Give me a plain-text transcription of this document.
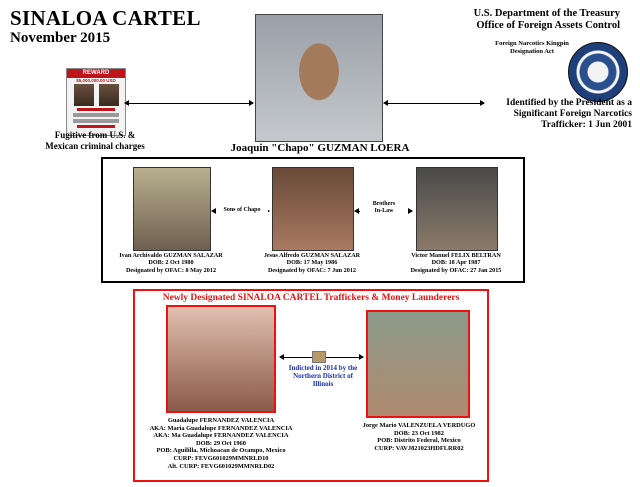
SINALOA CARTEL
November 2015
U.S. Department of the Treasury
Office of Foreign Assets Control
Foreign Narcotics Kingpin
Designation Act
REWARD
$5,000,000.00 USD
Fugitive from U.S. &
Mexican criminal charges	Joaquin "Chapo" GUZMAN LOERA
Identified by the President as a
Significant Foreign Narcotics
Trafficker: 1 Jun 2001
Sons of Chapo
Brothers
In-Law
Ivan Archivaldo GUZMAN SALAZAR
DOB: 2 Oct 1980
Designated by OFAC: 8 May 2012
Jesus Alfredo GUZMAN SALAZAR
DOB: 17 May 1986
Designated by OFAC: 7 Jun 2012
Victor Manuel FELIX BELTRAN
DOB: 18 Apr 1987
Designated by OFAC: 27 Jan 2015
Newly Designated SINALOA CARTEL Traffickers & Money Launderers
Indicted in 2014 by the
Northern District of Illinois
Guadalupe FERNANDEZ VALENCIA
AKA: Maria Guadalupe FERNANDEZ VALENCIA
AKA: Ma Guadalupe FERNANDEZ VALENCIA
DOB: 29 Oct 1960
POB: Aguililla, Michoacan de Ocampo, Mexico
CURP: FEVG601029MMNRLD10
Alt. CURP: FEVG601029MMNRLD02
Jorge Mario VALENZUELA VERDUGO
DOB: 23 Oct 1982
POB: Distrito Federal, Mexico
CURP: VAVJ821023HDFLRR02
